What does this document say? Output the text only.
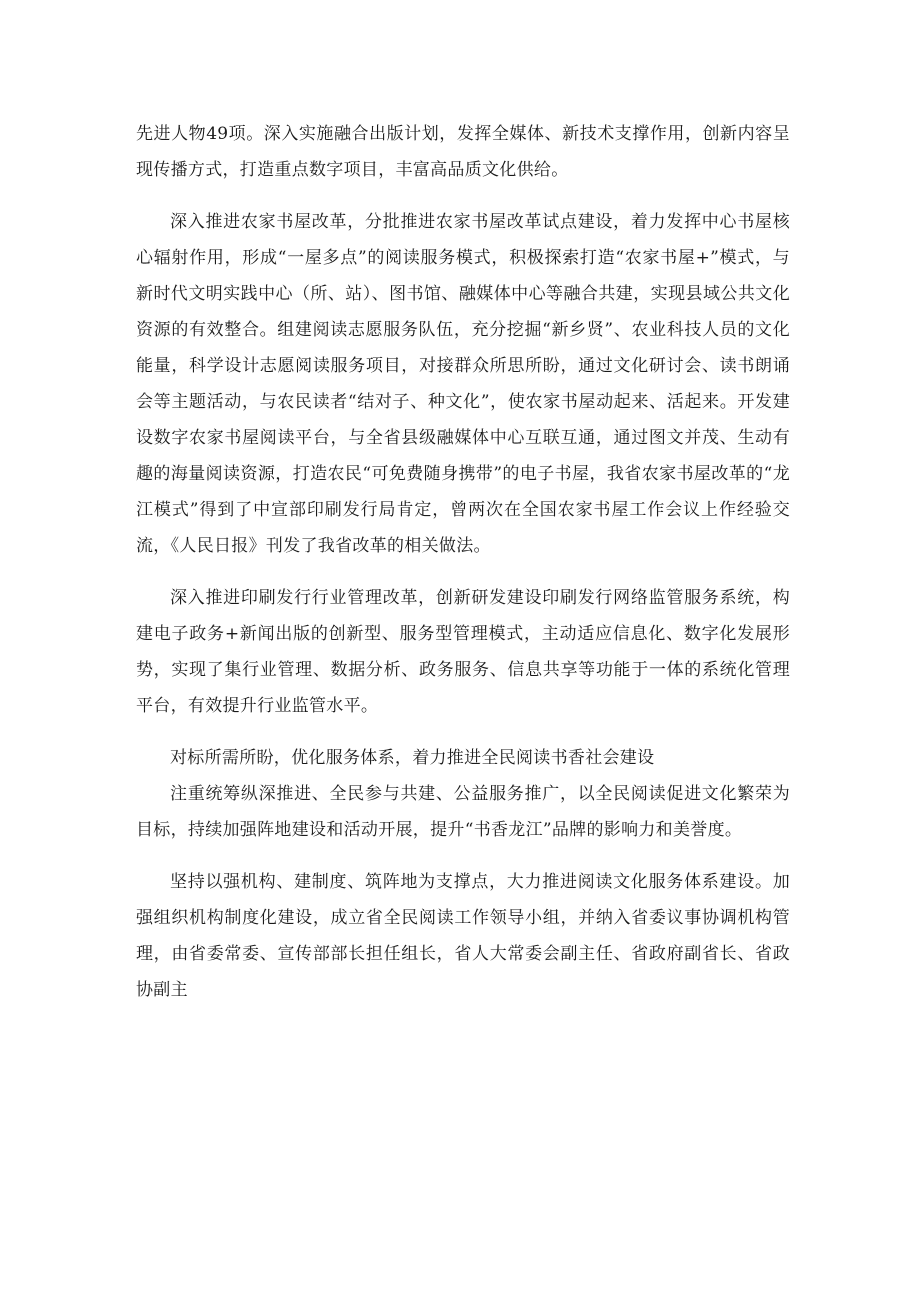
先进人物49项。深入实施融合出版计划，发挥全媒体、新技术支撑作用，创新内容呈现传播方式，打造重点数字项目，丰富高品质文化供给。

深入推进农家书屋改革，分批推进农家书屋改革试点建设，着力发挥中心书屋核心辐射作用，形成“一屋多点”的阅读服务模式，积极探索打造“农家书屋+”模式，与新时代文明实践中心（所、站）、图书馆、融媒体中心等融合共建，实现县域公共文化资源的有效整合。组建阅读志愿服务队伍，充分挖掘“新乡贤”、农业科技人员的文化能量，科学设计志愿阅读服务项目，对接群众所思所盼，通过文化研讨会、读书朗诵会等主题活动，与农民读者“结对子、种文化”，使农家书屋动起来、活起来。开发建设数字农家书屋阅读平台，与全省县级融媒体中心互联互通，通过图文并茂、生动有趣的海量阅读资源，打造农民“可免费随身携带”的电子书屋，我省农家书屋改革的“龙江模式”得到了中宣部印刷发行局肯定，曾两次在全国农家书屋工作会议上作经验交流，《人民日报》刊发了我省改革的相关做法。

深入推进印刷发行行业管理改革，创新研发建设印刷发行网络监管服务系统，构建电子政务+新闻出版的创新型、服务型管理模式，主动适应信息化、数字化发展形势，实现了集行业管理、数据分析、政务服务、信息共享等功能于一体的系统化管理平台，有效提升行业监管水平。

对标所需所盼，优化服务体系，着力推进全民阅读书香社会建设

注重统筹纵深推进、全民参与共建、公益服务推广，以全民阅读促进文化繁荣为目标，持续加强阵地建设和活动开展，提升“书香龙江”品牌的影响力和美誉度。

坚持以强机构、建制度、筑阵地为支撑点，大力推进阅读文化服务体系建设。加强组织机构制度化建设，成立省全民阅读工作领导小组，并纳入省委议事协调机构管理，由省委常委、宣传部部长担任组长，省人大常委会副主任、省政府副省长、省政协副主
